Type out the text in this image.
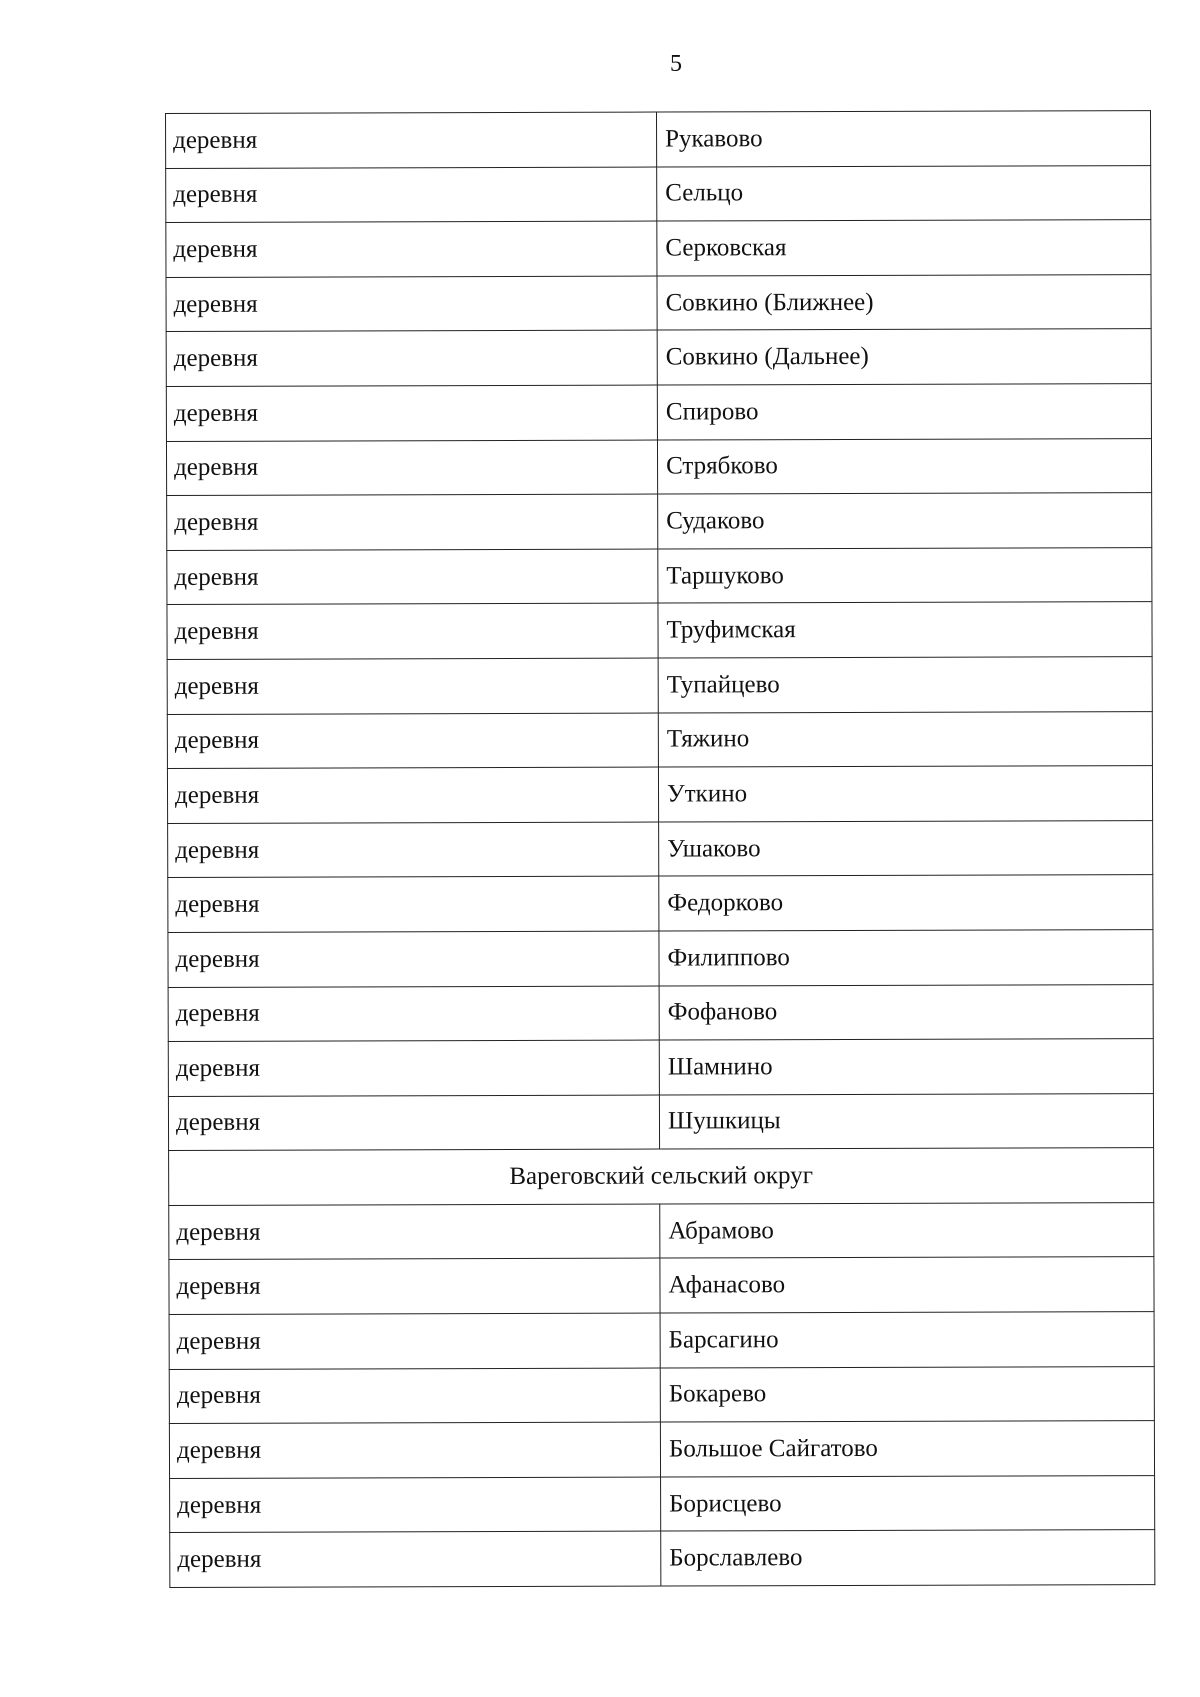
5
деревня	Рукавово
деревня	Сельцо
деревня	Серковская
деревня	Совкино (Ближнее)
деревня	Совкино (Дальнее)
деревня	Спирово
деревня	Стрябково
деревня	Судаково
деревня	Таршуково
деревня	Труфимская
деревня	Тупайцево
деревня	Тяжино
деревня	Уткино
деревня	Ушаково
деревня	Федорково
деревня	Филиппово
деревня	Фофаново
деревня	Шамнино
деревня	Шушкицы
Вареговский сельский округ	
деревня	Абрамово
деревня	Афанасово
деревня	Барсагино
деревня	Бокарево
деревня	Большое Сайгатово
деревня	Борисцево
деревня	Борславлево
